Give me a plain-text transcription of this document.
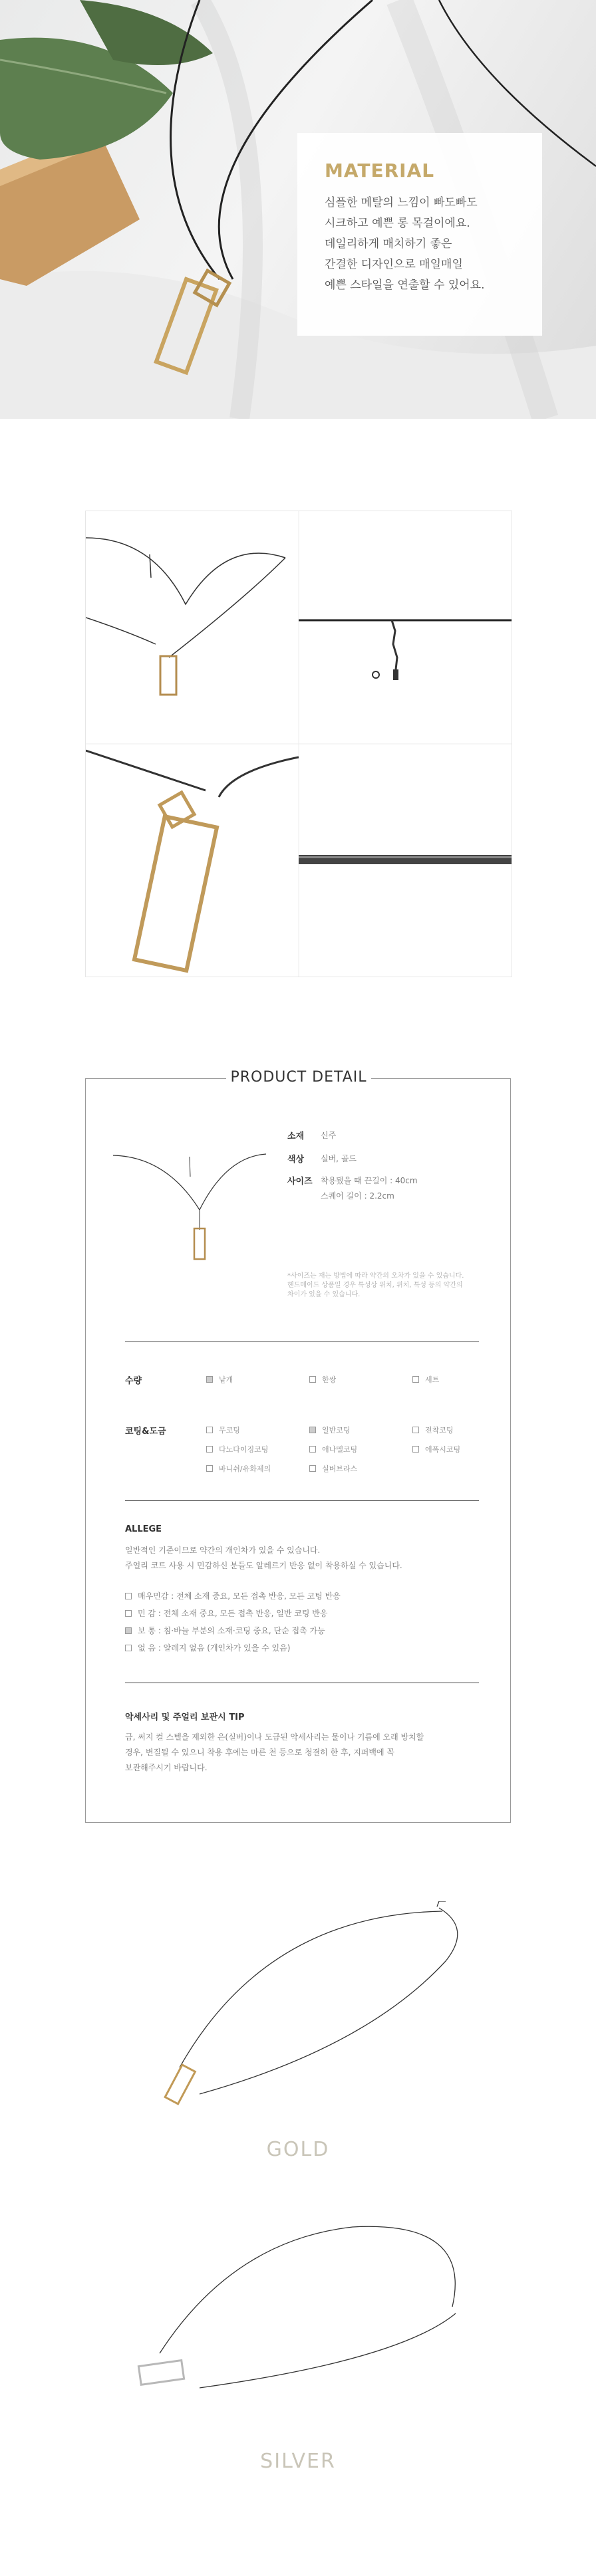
MATERIAL
심플한 메탈의 느낌이 빠도빠도
시크하고 예쁜 롱 목걸이에요.
데일리하게 매치하기 좋은
간결한 디자인으로 매일매일
예쁜 스타일을 연출할 수 있어요.
PRODUCT DETAIL
소재 신주
색상 실버, 골드
사이즈 착용됐을 때 끈길이 : 40cm
스퀘어 길이 : 2.2cm
*사이즈는 재는 방법에 따라 약간의 오차가 있을 수 있습니다.
핸드메이드 상품일 경우 특성상 위치, 위치, 특성 등의 약간의
차이가 있을 수 있습니다.
수량	낱개	한쌍	세트
코팅&도금	무코팅	일반코팅	전착코팅
다노다이징코팅	애나멜코팅	에폭시코팅
바니쉬/유화제의	실버브라스
ALLEGE
일반적인 기준이므로 약간의 개인차가 있을 수 있습니다.
주얼리 코트 사용 시 민감하신 분들도 알레르기 반응 없이 착용하실 수 있습니다.
매우민감 : 전체 소재 중요, 모든 접촉 반응, 모든 코팅 반응
민 감 : 전체 소재 중요, 모든 접촉 반응, 일반 코팅 반응
보 통 : 침·바늘 부분의 소재·코팅 중요, 단순 접촉 가능
없 음 : 알레지 없음 (개인차가 있을 수 있음)
악세사리 및 주얼리 보관시 TIP
금, 써지 컬 스텔을 제외한 은(실버)이나 도금된 악세사리는 물이나 기름에 오래 방치할
경우, 변질될 수 있으니 착용 후에는 마른 천 등으로 청결히 한 후, 지퍼백에 꼭
보관해주시기 바랍니다.
GOLD
SILVER
